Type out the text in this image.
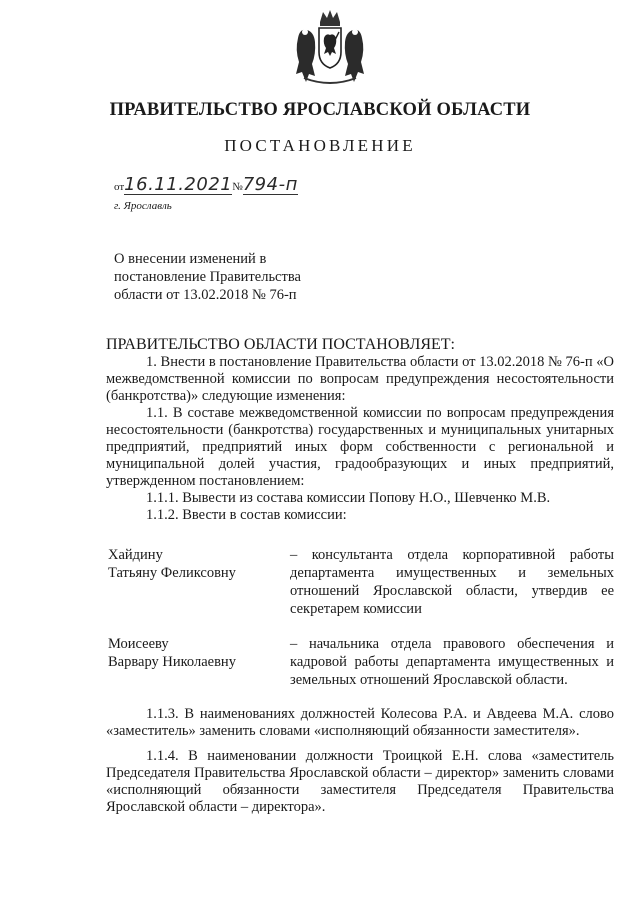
ПРАВИТЕЛЬСТВО ЯРОСЛАВСКОЙ ОБЛАСТИ
ПОСТАНОВЛЕНИЕ
от16.11.2021№794-п
г. Ярославль
О внесении изменений в
постановление Правительства
области от 13.02.2018 № 76-п

ПРАВИТЕЛЬСТВО ОБЛАСТИ ПОСТАНОВЛЯЕТ:

1. Внести в постановление Правительства области от 13.02.2018 № 76-п «О межведомственной комиссии по вопросам предупреждения несостоятельности (банкротства)» следующие изменения:

1.1. В составе межведомственной комиссии по вопросам предупреждения несостоятельности (банкротства) государственных и муниципальных унитарных предприятий, предприятий иных форм собственности с региональной и муниципальной долей участия, градообразующих и иных предприятий, утвержденном постановлением:

1.1.1. Вывести из состава комиссии Попову Н.О., Шевченко М.В.

1.1.2. Ввести в состав комиссии:

Хайдину
Татьяну Феликсовну
– консультанта отдела корпоративной работы департамента имущественных и земельных отношений Ярославской области, утвердив ее секретарем комиссии
Моисееву
Варвару Николаевну
– начальника отдела правового обеспечения и кадровой работы департамента имущественных и земельных отношений Ярославской области.

1.1.3. В наименованиях должностей Колесова Р.А. и Авдеева М.А. слово «заместитель» заменить словами «исполняющий обязанности заместителя».

1.1.4. В наименовании должности Троицкой Е.Н. слова «заместитель Председателя Правительства Ярославской области – директор» заменить словами «исполняющий обязанности заместителя Председателя Правительства Ярославской области – директора».
